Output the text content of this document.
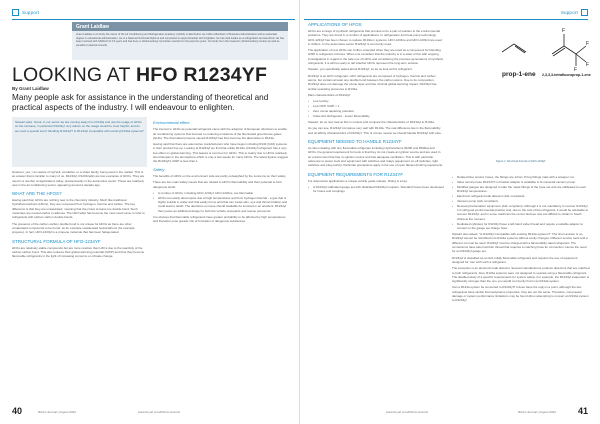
Support
Grant Laidlaw
Grant Laidlaw is currently the owner of the Air Conditioning and Refrigeration Academy (ACRA) in Ekurhuleni. He holds a Bachelor of Business Administration and an associate degree in educational administration. He is a National Technical Diploma and completed an apprenticeship with Frigidaire. He has dual trades as a refrigeration and electrical. He has been involved with SAIRAC for 15 years and has been a Johannesburg committee member for the past two years. Currently he is the treasurer (Johannesburg Centre) as well as president (national council).
LOOKING AT HFO R1234YF
By Grant Laidlaw
Many people ask for assistance in the understanding of theoretical and practical aspects of the industry. I will endeavour to enlighten.
Stewart asks: Grant, in our sector we are moving away from R134a and use the usage of HFOs on the increase, in particular R1234yf. Any advice on the usage would be most helpful, and do we need a special tool if handling R1234yf? Is R1234yf compatible with existing R134a systems?

However, yes, I am aware of HyrVelt, condeflex, or a share family, being used in the market. This is an answer that is familiar to many of us. R1234yf, R1234ze(E) are few examples of HFOs. They are used in a number of applications today, predominantly in the automotive sector. These are relatively new in the air conditioning sector, appearing around a decade ago.

WHAT ARE THE HFOS?

Having said that, HFOs are nothing new to the chemistry industry. Much like traditional hydrofluorocarbons (HFCs), they are composed from hydrogen, fluorine and carbon. The key difference is that they are unsaturated, meaning that they have at least one double bond. Such molecules are named olefins or alkenes. The HFO label has become the most used name to refer to refrigerants with carbon-carbon double bonds.

The presence of the carbon-carbon double bond is not unique for HFOs as there are other unsaturated compounds to be found, as for example unsaturated hydrocarbons (for example propene). In fact, HFO-1234yf is a propene molecule that has been halogenated.

STRUCTURAL FORMULA OF HFO-1234YF

HFOs are relatively stable compounds but are more reactive than HFCs due to the reactivity of the carbon-carbon bond. This also reduces their global warming potential (GWP) and thus they become flammable refrigerants in the light of increasing concerns on climate change.

Environmental effect

The interest in HFOs as potential refrigerant came with the adoption of European directives to enable air conditioning systems that focused on reducing emissions of the fluorinated greenhouse gases (GHG). The fluorinated propene named R1234yf has thus become the alternative to R134a.

Having said that there are automotive manufacturers who have begun including R134 (GF2) systems in their product line-up. Looking at R1234yf we find that unlike R134a, R1234yf refrigerant has a very low effect on global warming. This feature is common for HFOs. This is mainly due to HFOs relatively short lifespan in the atmosphere which is only a few weeks for many HFOs. The latest figures suggest the R1234yf's GWP is less than 1.

Safety

The benefits of HFOs on the environment side are partly outweighed by the concerns on their safety.

There are two main safety issues that are related to HFO's flammability and their potential to form dangerous acids:

• A number of HFOs, including HFO-1234yf, HFO-1234ze, are flammable.
• HFOs can easily decompose due at high temperatures and form hydrogen fluoride - a gas that is highly soluble in water and that easily forms acid that can cause skin, eye and throat irritation and could lead to death. The decisions on issue should available be involved in an accident. R1234yf then poses an additional danger to both the vehicle occupants and rescue personnel.

It is obvious that flammable refrigerants have greater probability to be affected by high temperatures and therefore pose greater risk of formation of dangerous substances.

40	RACA Journal | August 2022	www.tinyurl.com/RACA-Journal
Support
APPLICATIONS OF HFOS

HFOs are a range of synthetic refrigerants that promise to be a part of solution to the environmental problems. They are found in a number of applications. In refrigeration and heat pump technology HFO-1234yf has been chosen to replace R134a in systems. HFO-1234ze and HFO-1233zd are used in chillers. In the automotive sector R1234yf is commonly used.

The application of new HFOs can further extended when they are used as a component for blending GWP in refrigerant mixtures. When one considers that the industry is in a state of flux with ongoing investigations in regard to the safe use of HFOs and considering the previous generations of synthetic refrigerants, it is still too early to tell whether HFOs represent the long-term solution.

Stewart, you specifically asked about R1234yf, so let us look at this refrigerant.

R1234yf is an HFO refrigerant. HFO refrigerants are composed of hydrogen, fluorine and carbon atoms, but contain at least one double bond between the carbon atoms. Due to its composition, R1234yf does not damage the ozone layer and has minimal global warming impact. R1234yf has similar operating pressures to R134a.

Main characteristics of R1234yf:

• Low toxicity
• Low ODP, GWP < 1
• Zero ozone depleting potential
• Class A2L Refrigerant - Lower flammability

Stewart, let us now look at this in context and compare the characteristics of R1234yf to R134a.

As you can see, R1234yf compares very well with R134a. The real difference lies in the flammability and oil affinity characteristics of R1234yf. This of course means we should handle R1234yf with care.

EQUIPMENT NEEDED TO HANDLE R1234YF

As when dealing with any flammable refrigerant including Hydrocarbons (R290 and R600a) and HFOs, the general requirement for tools is that they do not create an ignition source and are used in an environment that has no ignition source and has adequate ventilation. This is with particular reference to power tools and equipment with switches and relays (equipment on-off switches, tight switches and plug points). Particular precautions apply in the use of open flames (brazing equipment).

EQUIPMENT REQUIREMENTS FOR R1234YF

For automotive applications a unique vehicle guide release. Fitting is a key:

• A R1234yf calibrated gauge set with dedicated R1234yf couplers. Standard hoses been developed for hoses and couplings
F
F
F
F
prop-1-ene 2,3,3,3-tetrafluoroprop-1-ene
Figure 1: Structural formula of HFO-1234yf
• Rotated blue service hoses, the fittings are 12mm O'ring fittings male with a wrapper nut.
• Valve service hose R1234YF in bracket adaptor is available to fit universal vacuum pump.
• Modified gauges are designed to take the made fittings of the hose set and are calibrated to read R1234yf temperatures.
• Electronic refrigerant leak detector (A2L compliant).
• Vacuum pump (A2L compliant).
• Recovery/reclamation equipment (A2L compliant). Although it is not mandatory to recover R1234yf, it is still good environmental practice and, due to the cost of the refrigerant, it would be advisable to recover R1234yf, and in some machines the recent devices now are difficult to obtain in South Africa at the moment.
• Dedicated cylinders for R1234yf have a left-hand valve thread and require a suitable adaptor to connect to the gauge set charge hose.

Stewart also asked, "Is R1234yf compatible with existing R134a systems?" The short answer is no, R1234yf cannot be retrofitted into R134a systems without costly changes. Different service tools and a different oil must be used. R1234yf must be charged with a flammability-rated refrigerant. The connections have also had their thread that requires a matching hose for connection. Hence the need for an R1234yf gauge set.

R1234yf is classified as an A2L mildly flammable refrigerant and requires the use of equipment designed for 'use' with such a refrigerant.

The exception is an electronic leak detector. Several manufacturers produce detectors that are matched to both refrigerants. Also, R134a systems were not designed to operate using a flammable refrigerant. The detailed study of a specific requirements for system safety. For example, the R1234yf evaporator is significantly stronger than the one you would commonly find in an R134a system.

Can a R134a system be converted to R1234yf? It does have the reply is a point, although the two refrigerants have similar thermodynamic properties, they are not the same. Therefore, compressor damage or system performance limitations may be found when attempting to convert an R134a system to R1234yf.

www.tinyurl.com/RACA-Journal	RACA Journal | August 2022 41
